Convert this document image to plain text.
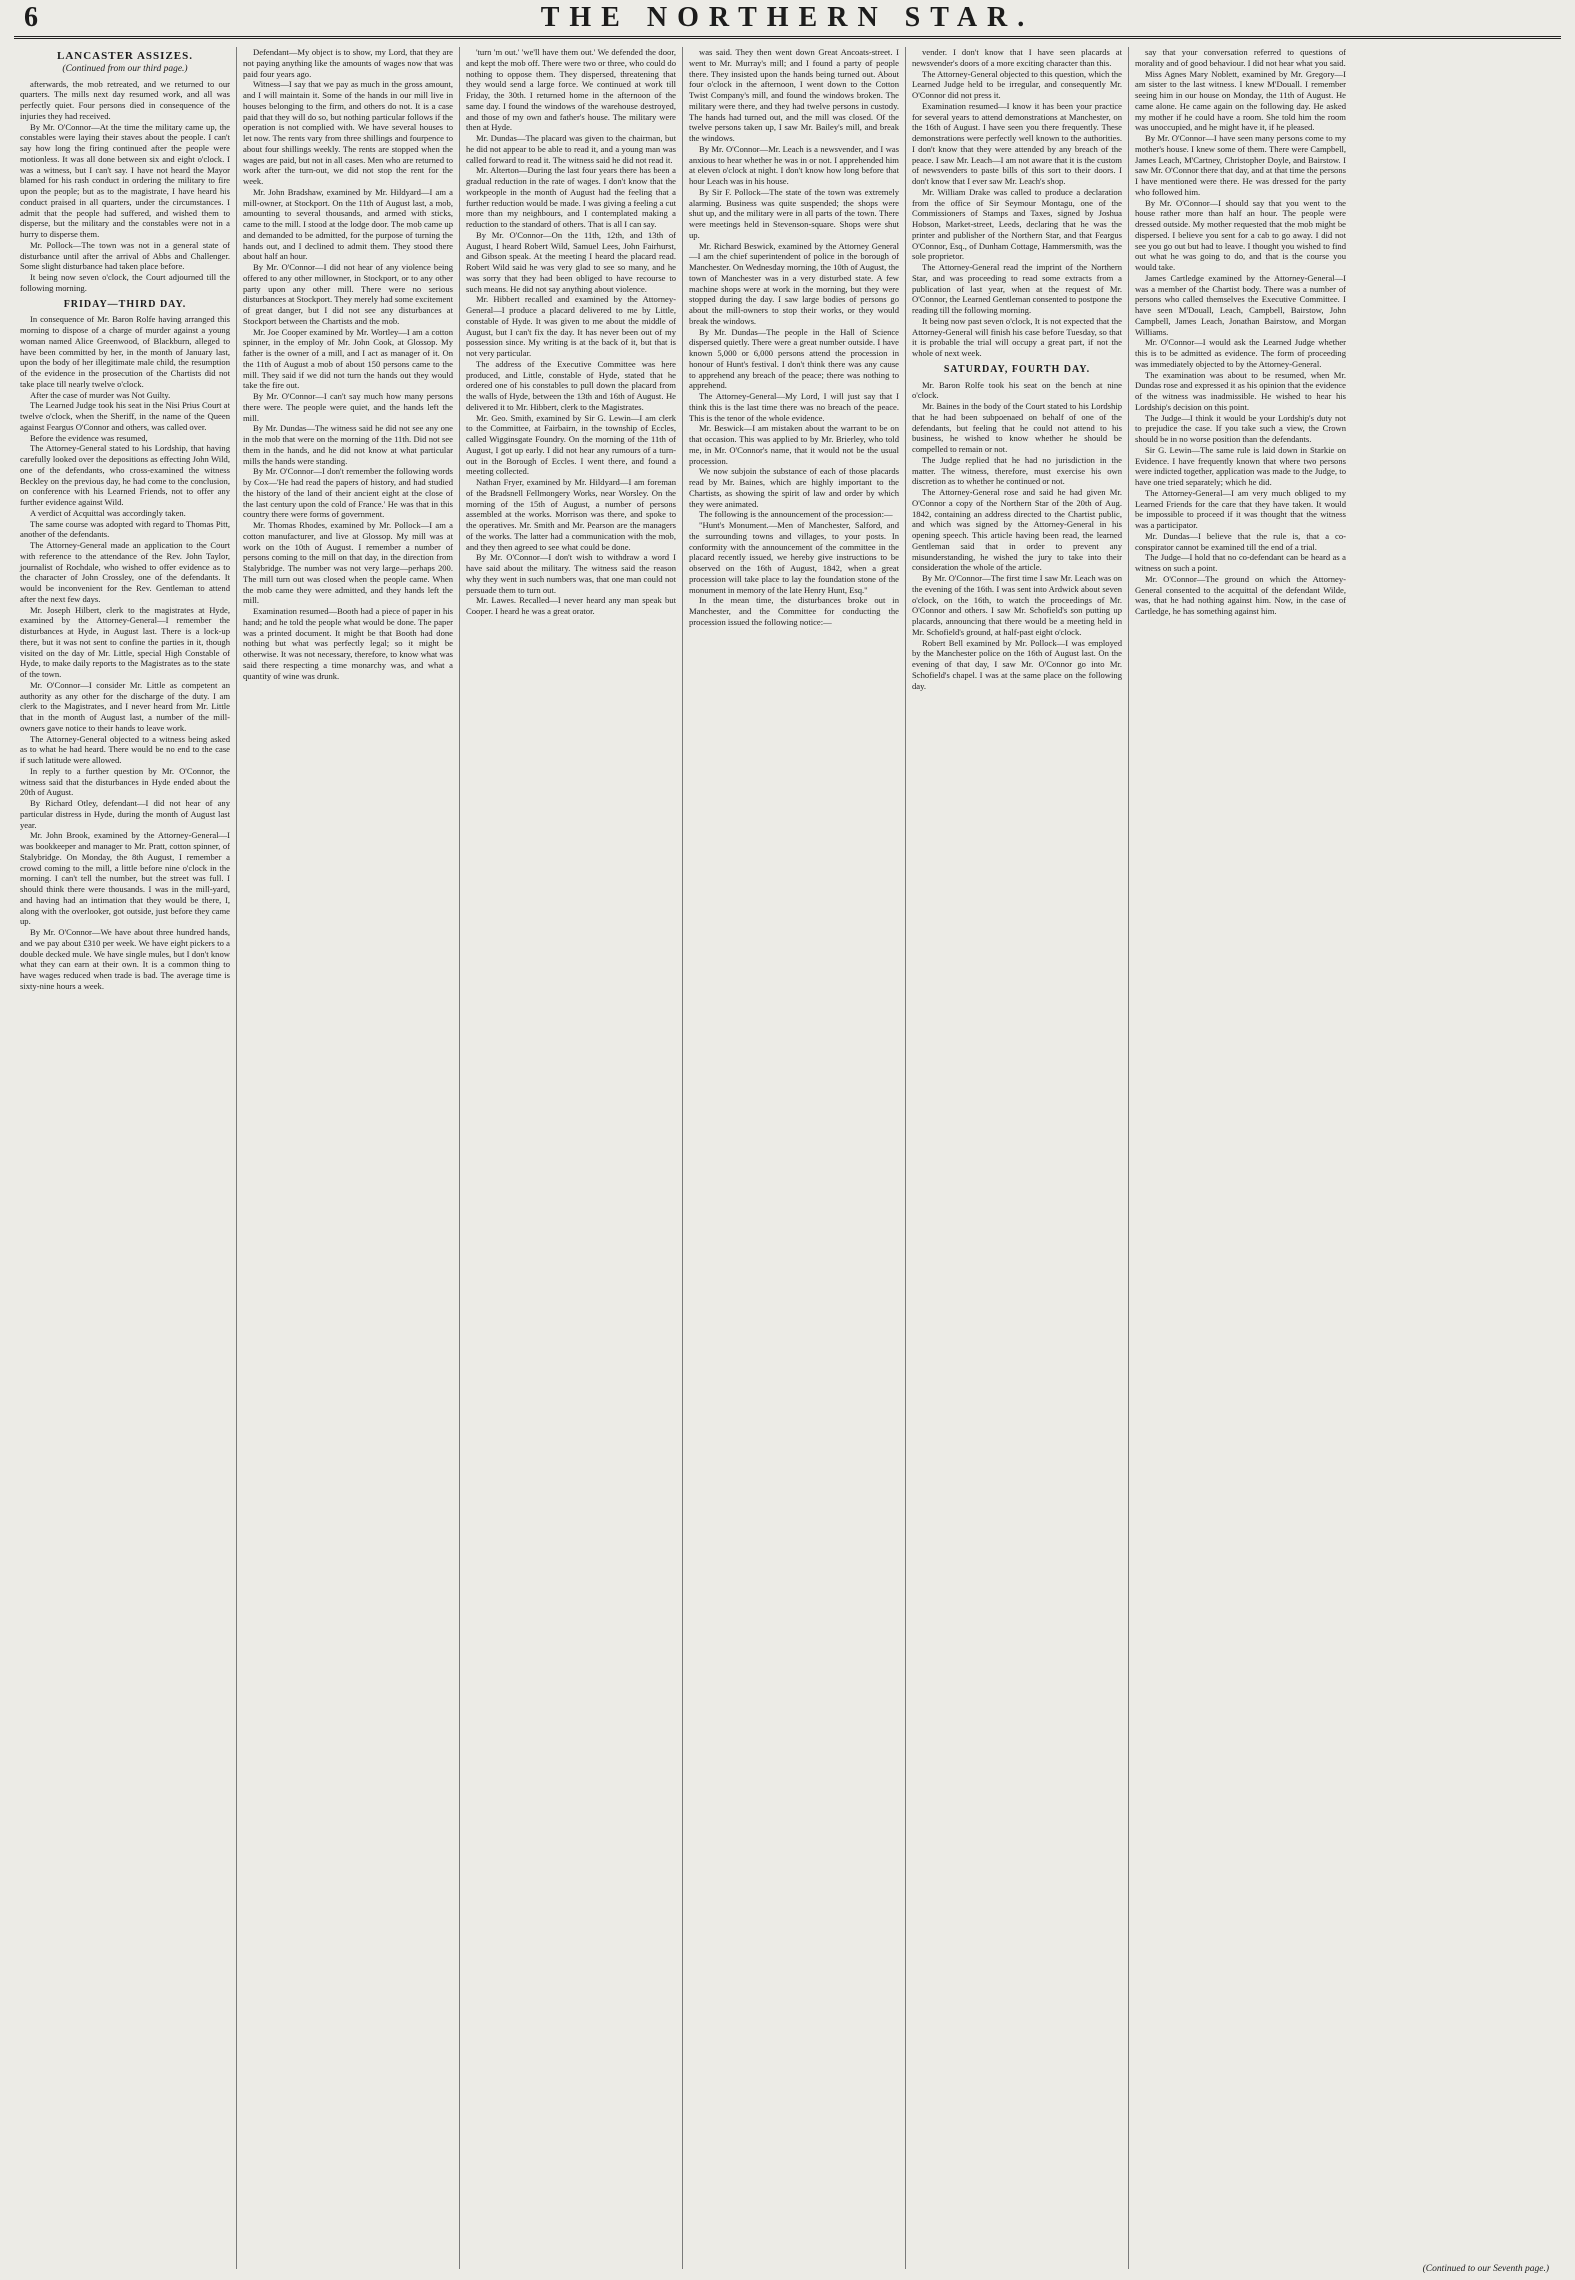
6	THE NORTHERN STAR.
LANCASTER ASSIZES.
(Continued from our third page.)

afterwards, the mob retreated, and we returned to our quarters. The mills next day resumed work, and all was perfectly quiet. Four persons died in consequence of the injuries they had received.

By Mr. O'Connor—At the time the military came up, the constables were laying their staves about the people. I can't say how long the firing continued after the people were motionless. It was all done between six and eight o'clock. I was a witness, but I can't say. I have not heard the Mayor blamed for his rash conduct in ordering the military to fire upon the people; but as to the magistrate, I have heard his conduct praised in all quarters, under the circumstances. I admit that the people had suffered, and wished them to disperse, but the military and the constables were not in a hurry to disperse them.

Mr. Pollock—The town was not in a general state of disturbance until after the arrival of Abbs and Challenger. Some slight disturbance had taken place before.

It being now seven o'clock, the Court adjourned till the following morning.

FRIDAY—THIRD DAY.

In consequence of Mr. Baron Rolfe having arranged this morning to dispose of a charge of murder against a young woman named Alice Greenwood, of Blackburn, alleged to have been committed by her, in the month of January last, upon the body of her illegitimate male child, the resumption of the evidence in the prosecution of the Chartists did not take place till nearly twelve o'clock.

After the case of murder was Not Guilty.

The Learned Judge took his seat in the Nisi Prius Court at twelve o'clock, when the Sheriff, in the name of the Queen against Feargus O'Connor and others, was called over.

Before the evidence was resumed,

The Attorney-General stated to his Lordship, that having carefully looked over the depositions as effecting John Wild, one of the defendants, who cross-examined the witness Beckley on the previous day, he had come to the conclusion, on conference with his Learned Friends, not to offer any further evidence against Wild.

A verdict of Acquittal was accordingly taken.

The same course was adopted with regard to Thomas Pitt, another of the defendants.

The Attorney-General made an application to the Court with reference to the attendance of the Rev. John Taylor, journalist of Rochdale, who wished to offer evidence as to the character of John Crossley, one of the defendants. It would be inconvenient for the Rev. Gentleman to attend after the next few days.

Mr. Joseph Hilbert, clerk to the magistrates at Hyde, examined by the Attorney-General—I remember the disturbances at Hyde, in August last. There is a lock-up there, but it was not sent to confine the parties in it, though visited on the day of Mr. Little, special High Constable of Hyde, to make daily reports to the Magistrates as to the state of the town.

Mr. O'Connor—I consider Mr. Little as competent an authority as any other for the discharge of the duty. I am clerk to the Magistrates, and I never heard from Mr. Little that in the month of August last, a number of the mill-owners gave notice to their hands to leave work.

The Attorney-General objected to a witness being asked as to what he had heard. There would be no end to the case if such latitude were allowed.

In reply to a further question by Mr. O'Connor, the witness said that the disturbances in Hyde ended about the 20th of August.

By Richard Otley, defendant—I did not hear of any particular distress in Hyde, during the month of August last year.

Mr. John Brook, examined by the Attorney-General—I was bookkeeper and manager to Mr. Pratt, cotton spinner, of Stalybridge. On Monday, the 8th August, I remember a crowd coming to the mill, a little before nine o'clock in the morning. I can't tell the number, but the street was full. I should think there were thousands. I was in the mill-yard, and having had an intimation that they would be there, I, along with the overlooker, got outside, just before they came up.

By Mr. O'Connor—We have about three hundred hands, and we pay about £310 per week. We have eight pickers to a double decked mule. We have single mules, but I don't know what they can earn at their own. It is a common thing to have wages reduced when trade is bad. The average time is sixty-nine hours a week.

Defendant—My object is to show, my Lord, that they are not paying anything like the amounts of wages now that was paid four years ago.

Witness—I say that we pay as much in the gross amount, and I will maintain it. Some of the hands in our mill live in houses belonging to the firm, and others do not. It is a case paid that they will do so, but nothing particular follows if the operation is not complied with. We have several houses to let now. The rents vary from three shillings and fourpence to about four shillings weekly. The rents are stopped when the wages are paid, but not in all cases. Men who are returned to work after the turn-out, we did not stop the rent for the week.

Mr. John Bradshaw, examined by Mr. Hildyard—I am a mill-owner, at Stockport. On the 11th of August last, a mob, amounting to several thousands, and armed with sticks, came to the mill. I stood at the lodge door. The mob came up and demanded to be admitted, for the purpose of turning the hands out, and I declined to admit them. They stood there about half an hour.

By Mr. O'Connor—I did not hear of any violence being offered to any other millowner, in Stockport, or to any other party upon any other mill. There were no serious disturbances at Stockport. They merely had some excitement of great danger, but I did not see any disturbances at Stockport between the Chartists and the mob.

Mr. Joe Cooper examined by Mr. Wortley—I am a cotton spinner, in the employ of Mr. John Cook, at Glossop. My father is the owner of a mill, and I act as manager of it. On the 11th of August a mob of about 150 persons came to the mill. They said if we did not turn the hands out they would take the fire out.

By Mr. O'Connor—I can't say much how many persons there were. The people were quiet, and the hands left the mill.

By Mr. Dundas—The witness said he did not see any one in the mob that were on the morning of the 11th. Did not see them in the hands, and he did not know at what particular mills the hands were standing.

By Mr. O'Connor—I don't remember the following words by Cox—'He had read the papers of history, and had studied the history of the land of their ancient eight at the close of the last century upon the cold of France.' He was that in this country there were forms of government.

Mr. Thomas Rhodes, examined by Mr. Pollock—I am a cotton manufacturer, and live at Glossop. My mill was at work on the 10th of August. I remember a number of persons coming to the mill on that day, in the direction from Stalybridge. The number was not very large—perhaps 200. The mill turn out was closed when the people came. When the mob came they were admitted, and they hands left the mill.

Examination resumed—Booth had a piece of paper in his hand; and he told the people what would be done. The paper was a printed document. It might be that Booth had done nothing but what was perfectly legal; so it might be otherwise. It was not necessary, therefore, to know what was said there respecting a time monarchy was, and what a quantity of wine was drunk.

'turn 'm out.' 'we'll have them out.' We defended the door, and kept the mob off. There were two or three, who could do nothing to oppose them. They dispersed, threatening that they would send a large force. We continued at work till Friday, the 30th. I returned home in the afternoon of the same day. I found the windows of the warehouse destroyed, and those of my own and father's house. The military were then at Hyde.

Mr. Dundas—The placard was given to the chairman, but he did not appear to be able to read it, and a young man was called forward to read it. The witness said he did not read it.

Mr. Alterton—During the last four years there has been a gradual reduction in the rate of wages. I don't know that the workpeople in the month of August had the feeling that a further reduction would be made. I was giving a feeling a cut more than my neighbours, and I contemplated making a reduction to the standard of others. That is all I can say.

By Mr. O'Connor—On the 11th, 12th, and 13th of August, I heard Robert Wild, Samuel Lees, John Fairhurst, and Gibson speak. At the meeting I heard the placard read. Robert Wild said he was very glad to see so many, and he was sorry that they had been obliged to have recourse to such means. He did not say anything about violence.

Mr. Hibbert recalled and examined by the Attorney-General—I produce a placard delivered to me by Little, constable of Hyde. It was given to me about the middle of August, but I can't fix the day. It has never been out of my possession since. My writing is at the back of it, but that is not very particular.

The address of the Executive Committee was here produced, and Little, constable of Hyde, stated that he ordered one of his constables to pull down the placard from the walls of Hyde, between the 13th and 16th of August. He delivered it to Mr. Hibbert, clerk to the Magistrates.

Mr. Geo. Smith, examined by Sir G. Lewin—I am clerk to the Committee, at Fairbairn, in the township of Eccles, called Wigginsgate Foundry. On the morning of the 11th of August, I got up early. I did not hear any rumours of a turn-out in the Borough of Eccles. I went there, and found a meeting collected.

Nathan Fryer, examined by Mr. Hildyard—I am foreman of the Bradsnell Fellmongery Works, near Worsley. On the morning of the 15th of August, a number of persons assembled at the works. Morrison was there, and spoke to the operatives. Mr. Smith and Mr. Pearson are the managers of the works. The latter had a communication with the mob, and they then agreed to see what could be done.

By Mr. O'Connor—I don't wish to withdraw a word I have said about the military. The witness said the reason why they went in such numbers was, that one man could not persuade them to turn out.

Mr. Lawes. Recalled—I never heard any man speak but Cooper. I heard he was a great orator.

was said. They then went down Great Ancoats-street. I went to Mr. Murray's mill; and I found a party of people there. They insisted upon the hands being turned out. About four o'clock in the afternoon, I went down to the Cotton Twist Company's mill, and found the windows broken. The military were there, and they had twelve persons in custody. The hands had turned out, and the mill was closed. Of the twelve persons taken up, I saw Mr. Bailey's mill, and break the windows.

By Mr. O'Connor—Mr. Leach is a newsvender, and I was anxious to hear whether he was in or not. I apprehended him at eleven o'clock at night. I don't know how long before that hour Leach was in his house.

By Sir F. Pollock—The state of the town was extremely alarming. Business was quite suspended; the shops were shut up, and the military were in all parts of the town. There were meetings held in Stevenson-square. Shops were shut up.

Mr. Richard Beswick, examined by the Attorney General—I am the chief superintendent of police in the borough of Manchester. On Wednesday morning, the 10th of August, the town of Manchester was in a very disturbed state. A few machine shops were at work in the morning, but they were stopped during the day. I saw large bodies of persons go about the mill-owners to stop their works, or they would break the windows.

By Mr. Dundas—The people in the Hall of Science dispersed quietly. There were a great number outside. I have known 5,000 or 6,000 persons attend the procession in honour of Hunt's festival. I don't think there was any cause to apprehend any breach of the peace; there was nothing to apprehend.

The Attorney-General—My Lord, I will just say that I think this is the last time there was no breach of the peace. This is the tenor of the whole evidence.

Mr. Beswick—I am mistaken about the warrant to be on that occasion. This was applied to by Mr. Brierley, who told me, in Mr. O'Connor's name, that it would not be the usual procession.

We now subjoin the substance of each of those placards read by Mr. Baines, which are highly important to the Chartists, as showing the spirit of law and order by which they were animated.

The following is the announcement of the procession:—

"Hunt's Monument.—Men of Manchester, Salford, and the surrounding towns and villages, to your posts. In conformity with the announcement of the committee in the placard recently issued, we hereby give instructions to be observed on the 16th of August, 1842, when a great procession will take place to lay the foundation stone of the monument in memory of the late Henry Hunt, Esq."

In the mean time, the disturbances broke out in Manchester, and the Committee for conducting the procession issued the following notice:—

vender. I don't know that I have seen placards at newsvender's doors of a more exciting character than this.

The Attorney-General objected to this question, which the Learned Judge held to be irregular, and consequently Mr. O'Connor did not press it.

Examination resumed—I know it has been your practice for several years to attend demonstrations at Manchester, on the 16th of August. I have seen you there frequently. These demonstrations were perfectly well known to the authorities. I don't know that they were attended by any breach of the peace. I saw Mr. Leach—I am not aware that it is the custom of newsvenders to paste bills of this sort to their doors. I don't know that I ever saw Mr. Leach's shop.

Mr. William Drake was called to produce a declaration from the office of Sir Seymour Montagu, one of the Commissioners of Stamps and Taxes, signed by Joshua Hobson, Market-street, Leeds, declaring that he was the printer and publisher of the Northern Star, and that Feargus O'Connor, Esq., of Dunham Cottage, Hammersmith, was the sole proprietor.

The Attorney-General read the imprint of the Northern Star, and was proceeding to read some extracts from a publication of last year, when at the request of Mr. O'Connor, the Learned Gentleman consented to postpone the reading till the following morning.

It being now past seven o'clock, It is not expected that the Attorney-General will finish his case before Tuesday, so that it is probable the trial will occupy a great part, if not the whole of next week.

SATURDAY, FOURTH DAY.

Mr. Baron Rolfe took his seat on the bench at nine o'clock.

Mr. Baines in the body of the Court stated to his Lordship that he had been subpoenaed on behalf of one of the defendants, but feeling that he could not attend to his business, he wished to know whether he should be compelled to remain or not.

The Judge replied that he had no jurisdiction in the matter. The witness, therefore, must exercise his own discretion as to whether he continued or not.

The Attorney-General rose and said he had given Mr. O'Connor a copy of the Northern Star of the 20th of Aug. 1842, containing an address directed to the Chartist public, and which was signed by the Attorney-General in his opening speech. This article having been read, the learned Gentleman said that in order to prevent any misunderstanding, he wished the jury to take into their consideration the whole of the article.

By Mr. O'Connor—The first time I saw Mr. Leach was on the evening of the 16th. I was sent into Ardwick about seven o'clock, on the 16th, to watch the proceedings of Mr. O'Connor and others. I saw Mr. Schofield's son putting up placards, announcing that there would be a meeting held in Mr. Schofield's ground, at half-past eight o'clock.

Robert Bell examined by Mr. Pollock—I was employed by the Manchester police on the 16th of August last. On the evening of that day, I saw Mr. O'Connor go into Mr. Schofield's chapel. I was at the same place on the following day.

say that your conversation referred to questions of morality and of good behaviour. I did not hear what you said.

Miss Agnes Mary Noblett, examined by Mr. Gregory—I am sister to the last witness. I knew M'Douall. I remember seeing him in our house on Monday, the 11th of August. He came alone. He came again on the following day. He asked my mother if he could have a room. She told him the room was unoccupied, and he might have it, if he pleased.

By Mr. O'Connor—I have seen many persons come to my mother's house. I knew some of them. There were Campbell, James Leach, M'Cartney, Christopher Doyle, and Bairstow. I saw Mr. O'Connor there that day, and at that time the persons I have mentioned were there. He was dressed for the party who followed him.

By Mr. O'Connor—I should say that you went to the house rather more than half an hour. The people were dressed outside. My mother requested that the mob might be dispersed. I believe you sent for a cab to go away. I did not see you go out but had to leave. I thought you wished to find out what he was going to do, and that is the course you would take.

James Cartledge examined by the Attorney-General—I was a member of the Chartist body. There was a number of persons who called themselves the Executive Committee. I have seen M'Douall, Leach, Campbell, Bairstow, John Campbell, James Leach, Jonathan Bairstow, and Morgan Williams.

Mr. O'Connor—I would ask the Learned Judge whether this is to be admitted as evidence. The form of proceeding was immediately objected to by the Attorney-General.

The examination was about to be resumed, when Mr. Dundas rose and expressed it as his opinion that the evidence of the witness was inadmissible. He wished to hear his Lordship's decision on this point.

The Judge—I think it would be your Lordship's duty not to prejudice the case. If you take such a view, the Crown should be in no worse position than the defendants.

Sir G. Lewin—The same rule is laid down in Starkie on Evidence. I have frequently known that where two persons were indicted together, application was made to the Judge, to have one tried separately; which he did.

The Attorney-General—I am very much obliged to my Learned Friends for the care that they have taken. It would be impossible to proceed if it was thought that the witness was a participator.

Mr. Dundas—I believe that the rule is, that a co-conspirator cannot be examined till the end of a trial.

The Judge—I hold that no co-defendant can be heard as a witness on such a point.

Mr. O'Connor—The ground on which the Attorney-General consented to the acquittal of the defendant Wilde, was, that he had nothing against him. Now, in the case of Cartledge, he has something against him.

(Continued to our Seventh page.)
